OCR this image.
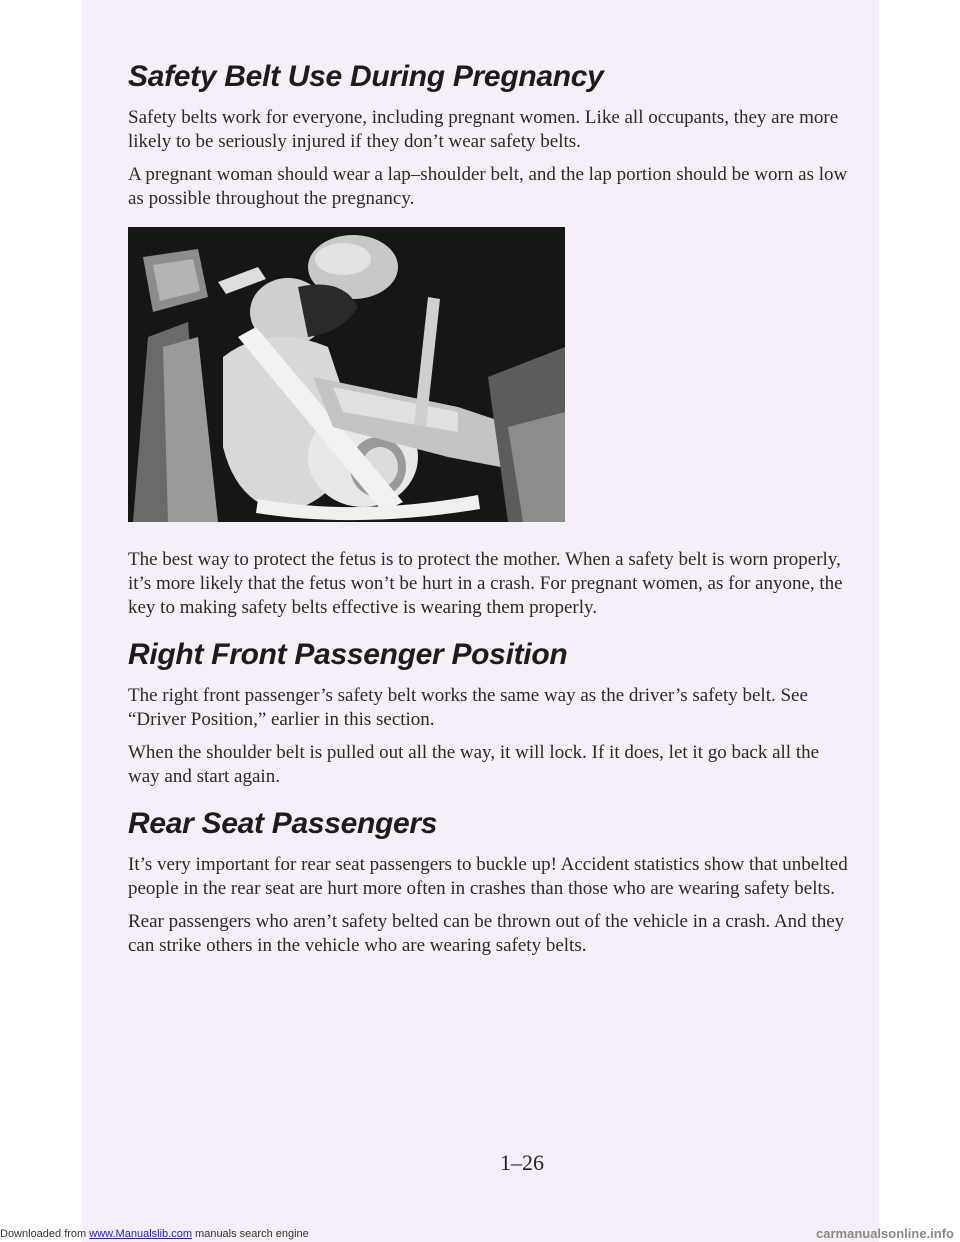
Safety Belt Use During Pregnancy

Safety belts work for everyone, including pregnant women. Like all occupants, they are more likely to be seriously injured if they don’t wear safety belts.

A pregnant woman should wear a lap–shoulder belt, and the lap portion should be worn as low as possible throughout the pregnancy.

The best way to protect the fetus is to protect the mother. When a safety belt is worn properly, it’s more likely that the fetus won’t be hurt in a crash. For pregnant women, as for anyone, the key to making safety belts effective is wearing them properly.

Right Front Passenger Position

The right front passenger’s safety belt works the same way as the driver’s safety belt. See “Driver Position,” earlier in this section.

When the shoulder belt is pulled out all the way, it will lock. If it does, let it go back all the way and start again.

Rear Seat Passengers

It’s very important for rear seat passengers to buckle up! Accident statistics show that unbelted people in the rear seat are hurt more often in crashes than those who are wearing safety belts.

Rear passengers who aren’t safety belted can be thrown out of the vehicle in a crash. And they can strike others in the vehicle who are wearing safety belts.

1–26
Downloaded from www.Manualslib.com manuals search engine	carmanualsonline.info
